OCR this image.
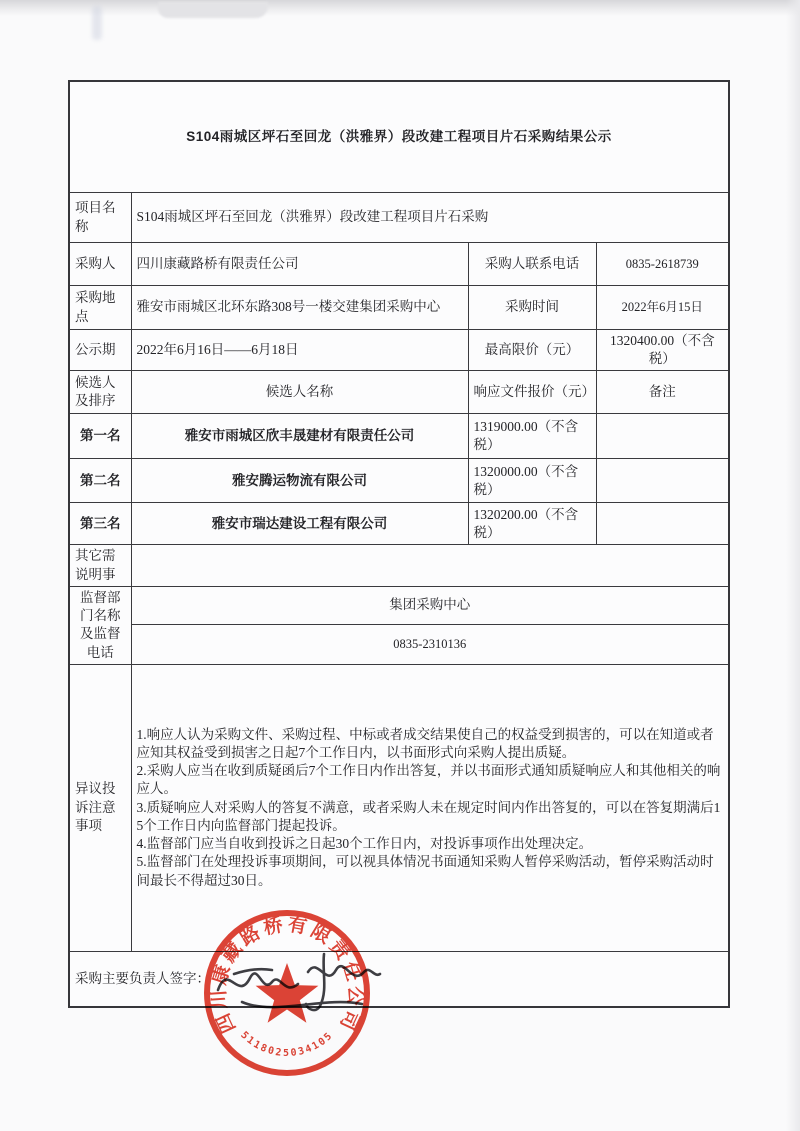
S104雨城区坪石至回龙（洪雅界）段改建工程项目片石采购结果公示			
项目名称	S104雨城区坪石至回龙（洪雅界）段改建工程项目片石采购		
采购人	四川康藏路桥有限责任公司	采购人联系电话	0835-2618739
采购地点	雅安市雨城区北环东路308号一楼交建集团采购中心	采购时间	2022年6月15日
公示期	2022年6月16日——6月18日	最高限价（元）	1320400.00（不含税）
候选人及排序	候选人名称	响应文件报价（元）	备注
第一名	雅安市雨城区欣丰晟建材有限责任公司	1319000.00（不含税）	
第二名	雅安腾运物流有限公司	1320000.00（不含税）	
第三名	雅安市瑞达建设工程有限公司	1320200.00（不含税）	
其它需说明事			
监督部门名称及监督电话	集团采购中心		
	0835-2310136		
异议投诉注意事项	1.响应人认为采购文件、采购过程、中标或者成交结果使自己的权益受到损害的，可以在知道或者应知其权益受到损害之日起7个工作日内，以书面形式向采购人提出质疑。
2.采购人应当在收到质疑函后7个工作日内作出答复，并以书面形式通知质疑响应人和其他相关的响应人。
3.质疑响应人对采购人的答复不满意，或者采购人未在规定时间内作出答复的，可以在答复期满后15个工作日内向监督部门提起投诉。
4.监督部门应当自收到投诉之日起30个工作日内，对投诉事项作出处理决定。
5.监督部门在处理投诉事项期间，可以视具体情况书面通知采购人暂停采购活动，暂停采购活动时间最长不得超过30日。		

采购主要负责人签字：			
四川康藏路桥有限责任公司
5118025034105
